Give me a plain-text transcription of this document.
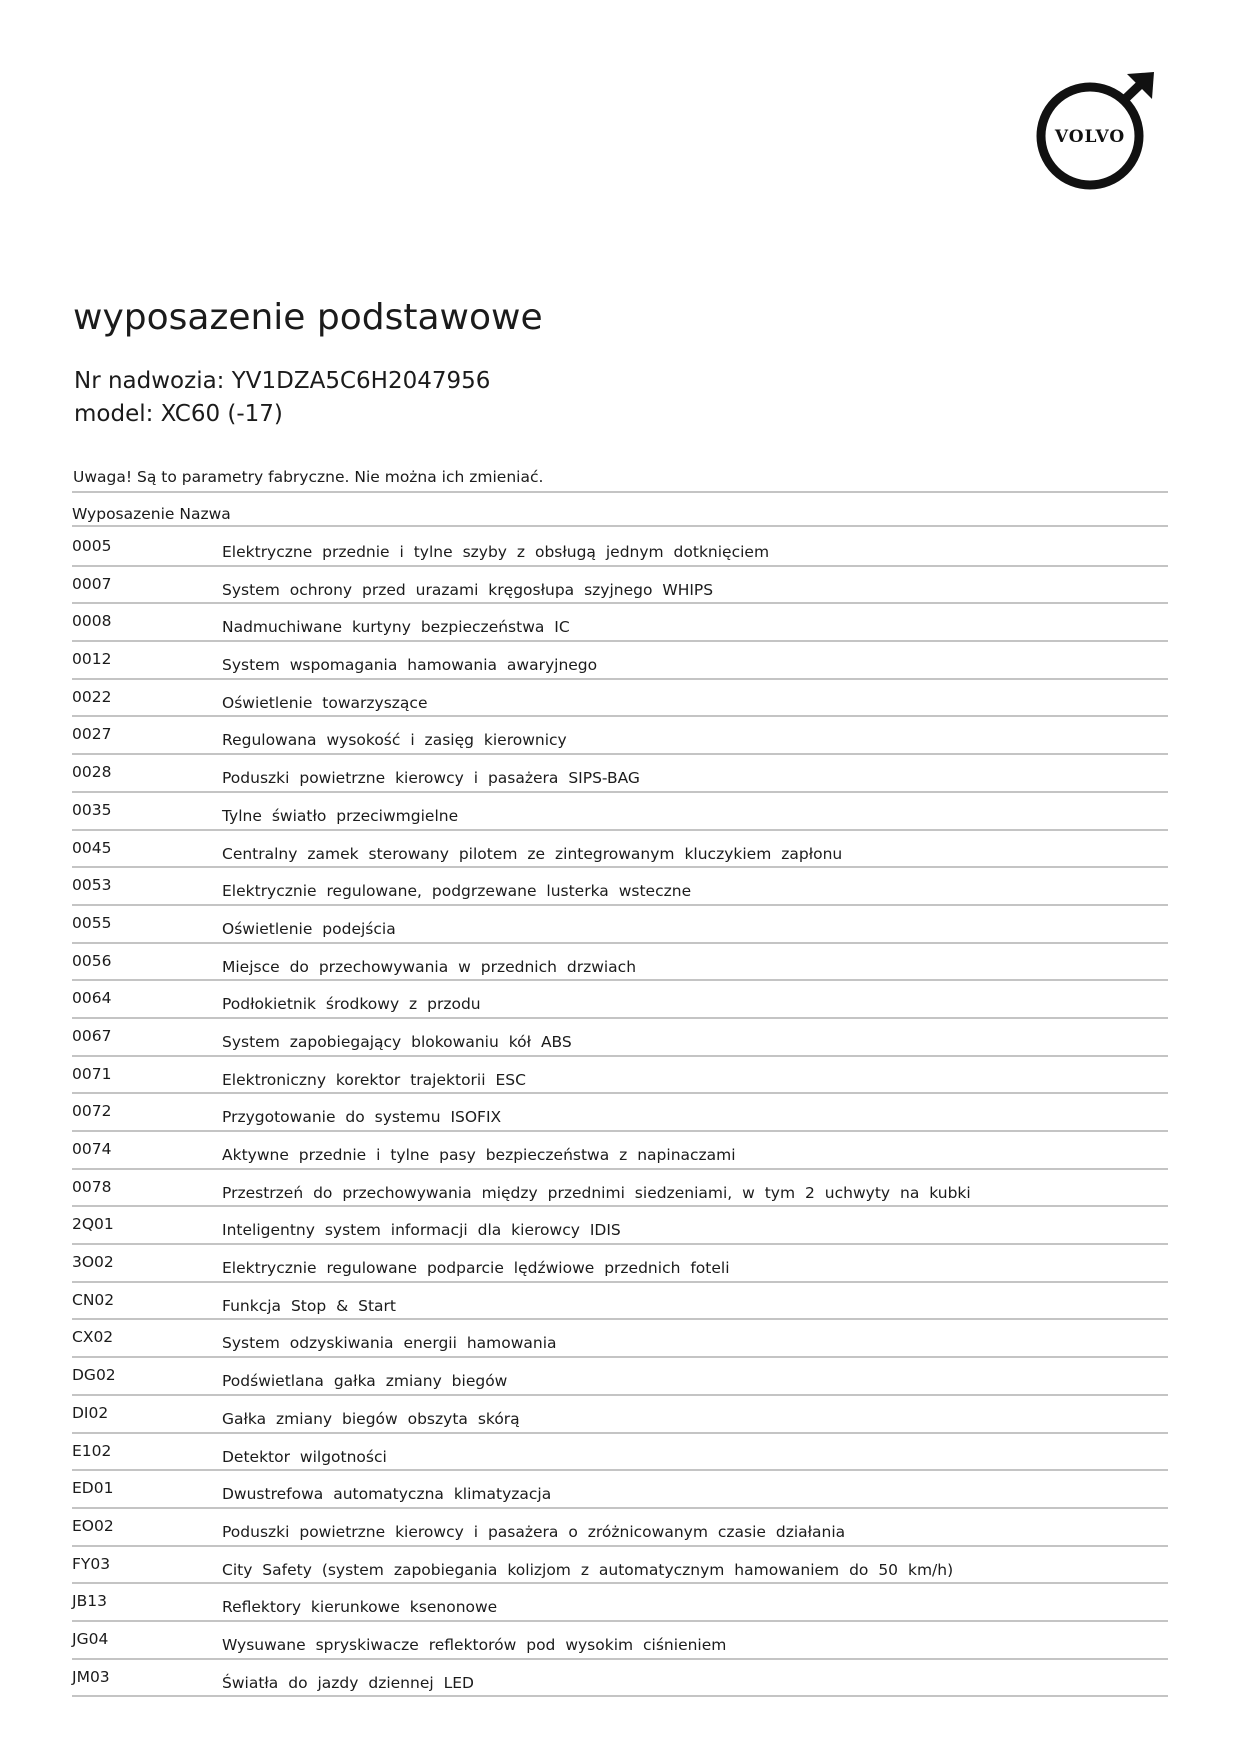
VOLVO
wyposazenie podstawowe
Nr nadwozia: YV1DZA5C6H2047956
model: XC60 (-17)
Uwaga! Są to parametry fabryczne. Nie można ich zmieniać.
Wyposazenie Nazwa
0005	Elektryczne przednie i tylne szyby z obsługą jednym dotknięciem
0007	System ochrony przed urazami kręgosłupa szyjnego WHIPS
0008	Nadmuchiwane kurtyny bezpieczeństwa IC
0012	System wspomagania hamowania awaryjnego
0022	Oświetlenie towarzyszące
0027	Regulowana wysokość i zasięg kierownicy
0028	Poduszki powietrzne kierowcy i pasażera SIPS-BAG
0035	Tylne światło przeciwmgielne
0045	Centralny zamek sterowany pilotem ze zintegrowanym kluczykiem zapłonu
0053	Elektrycznie regulowane, podgrzewane lusterka wsteczne
0055	Oświetlenie podejścia
0056	Miejsce do przechowywania w przednich drzwiach
0064	Podłokietnik środkowy z przodu
0067	System zapobiegający blokowaniu kół ABS
0071	Elektroniczny korektor trajektorii ESC
0072	Przygotowanie do systemu ISOFIX
0074	Aktywne przednie i tylne pasy bezpieczeństwa z napinaczami
0078	Przestrzeń do przechowywania między przednimi siedzeniami, w tym 2 uchwyty na kubki
2Q01	Inteligentny system informacji dla kierowcy IDIS
3O02	Elektrycznie regulowane podparcie lędźwiowe przednich foteli
CN02	Funkcja Stop & Start
CX02	System odzyskiwania energii hamowania
DG02	Podświetlana gałka zmiany biegów
DI02	Gałka zmiany biegów obszyta skórą
E102	Detektor wilgotności
ED01	Dwustrefowa automatyczna klimatyzacja
EO02	Poduszki powietrzne kierowcy i pasażera o zróżnicowanym czasie działania
FY03	City Safety (system zapobiegania kolizjom z automatycznym hamowaniem do 50 km/h)
JB13	Reflektory kierunkowe ksenonowe
JG04	Wysuwane spryskiwacze reflektorów pod wysokim ciśnieniem
JM03	Światła do jazdy dziennej LED
